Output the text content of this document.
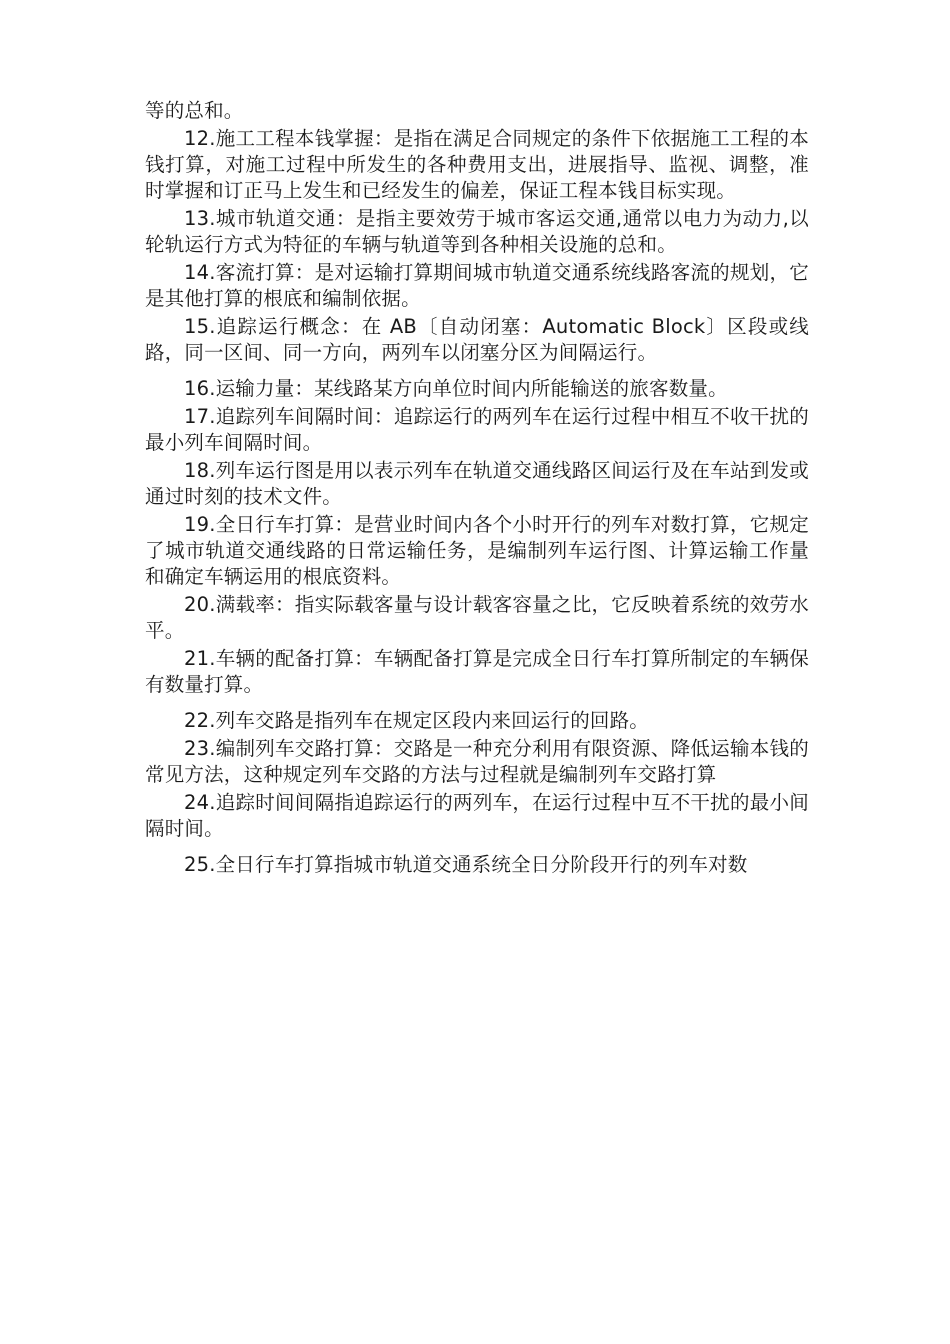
等的总和。

12.施工工程本钱掌握：是指在满足合同规定的条件下依据施工工程的本钱打算，对施工过程中所发生的各种费用支出，进展指导、监视、调整，准时掌握和订正马上发生和已经发生的偏差，保证工程本钱目标实现。

13.城市轨道交通：是指主要效劳于城市客运交通,通常以电力为动力,以轮轨运行方式为特征的车辆与轨道等到各种相关设施的总和。

14.客流打算：是对运输打算期间城市轨道交通系统线路客流的规划，它是其他打算的根底和编制依据。

15.追踪运行概念：在 AB〔自动闭塞：Automatic Block〕区段或线路，同一区间、同一方向，两列车以闭塞分区为间隔运行。

16.运输力量：某线路某方向单位时间内所能输送的旅客数量。

17.追踪列车间隔时间：追踪运行的两列车在运行过程中相互不收干扰的最小列车间隔时间。

18.列车运行图是用以表示列车在轨道交通线路区间运行及在车站到发或通过时刻的技术文件。

19.全日行车打算：是营业时间内各个小时开行的列车对数打算，它规定了城市轨道交通线路的日常运输任务，是编制列车运行图、计算运输工作量和确定车辆运用的根底资料。

20.满载率：指实际载客量与设计载客容量之比，它反映着系统的效劳水平。

21.车辆的配备打算：车辆配备打算是完成全日行车打算所制定的车辆保有数量打算。

22.列车交路是指列车在规定区段内来回运行的回路。

23.编制列车交路打算：交路是一种充分利用有限资源、降低运输本钱的常见方法，这种规定列车交路的方法与过程就是编制列车交路打算

24.追踪时间间隔指追踪运行的两列车，在运行过程中互不干扰的最小间隔时间。

25.全日行车打算指城市轨道交通系统全日分阶段开行的列车对数
